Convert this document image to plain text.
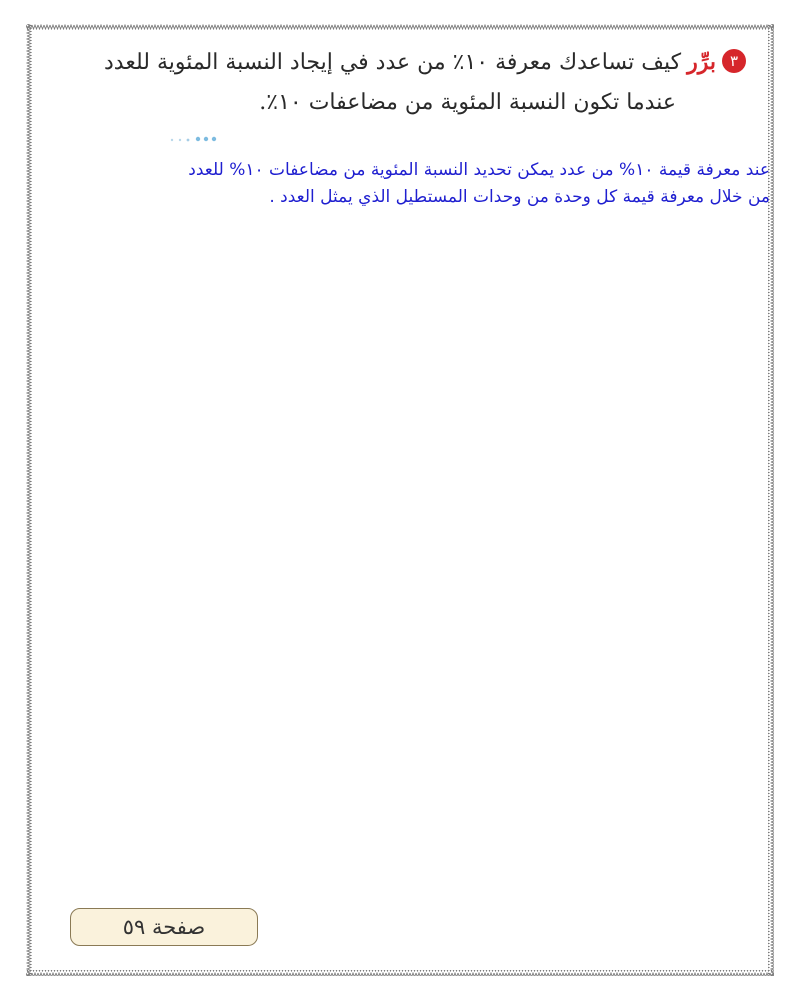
٣برِّركيف تساعدك معرفة ١٠٪ من عدد في إيجاد النسبة المئوية للعدد
عندما تكون النسبة المئوية من مضاعفات ١٠٪.
عند معرفة قيمة ١٠% من عدد يمكن تحديد النسبة المئوية من مضاعفات ١٠% للعدد
من خلال معرفة قيمة كل وحدة من وحدات المستطيل الذي يمثل العدد .
صفحة ٥٩
